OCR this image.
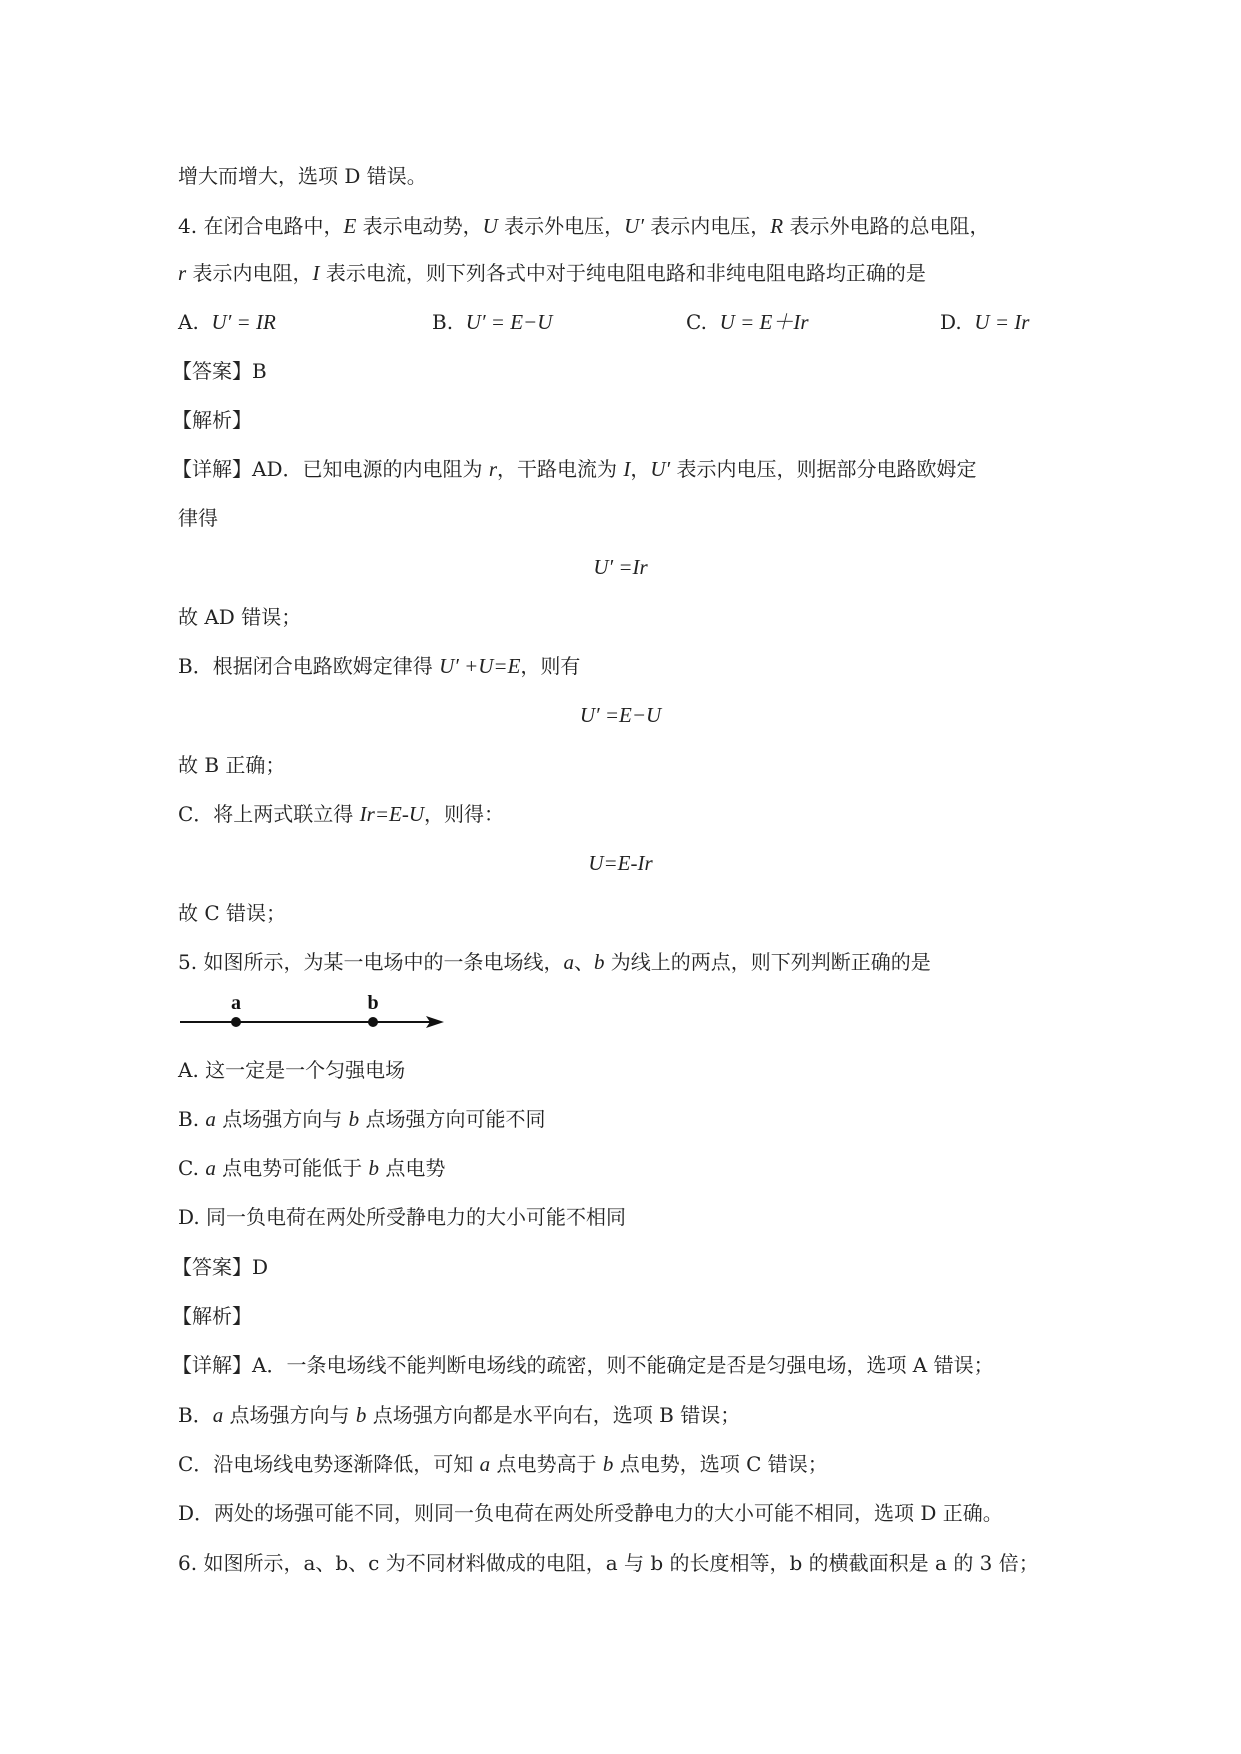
增大而增大，选项 D 错误。
4. 在闭合电路中，E 表示电动势，U 表示外电压，U′ 表示内电压，R 表示外电路的总电阻，
r 表示内电阻，I 表示电流，则下列各式中对于纯电阻电路和非纯电阻电路均正确的是
A. U′ = IR	B. U′ = E−U	C. U = E＋Ir	D. U = Ir
【答案】B
【解析】
【详解】AD．已知电源的内电阻为 r，干路电流为 I，U′ 表示内电压，则据部分电路欧姆定
律得
U′ =Ir
故 AD 错误；
B．根据闭合电路欧姆定律得 U′ +U=E，则有
U′ =E−U
故 B 正确；
C．将上两式联立得 Ir=E-U，则得：
U=E-Ir
故 C 错误；
5. 如图所示，为某一电场中的一条电场线，a、b 为线上的两点，则下列判断正确的是
a	b
A. 这一定是一个匀强电场
B. a 点场强方向与 b 点场强方向可能不同
C. a 点电势可能低于 b 点电势
D. 同一负电荷在两处所受静电力的大小可能不相同
【答案】D
【解析】
【详解】A．一条电场线不能判断电场线的疏密，则不能确定是否是匀强电场，选项 A 错误；
B．a 点场强方向与 b 点场强方向都是水平向右，选项 B 错误；
C．沿电场线电势逐渐降低，可知 a 点电势高于 b 点电势，选项 C 错误；
D．两处的场强可能不同，则同一负电荷在两处所受静电力的大小可能不相同，选项 D 正确。
6. 如图所示，a、b、c 为不同材料做成的电阻，a 与 b 的长度相等，b 的横截面积是 a 的 3 倍；
